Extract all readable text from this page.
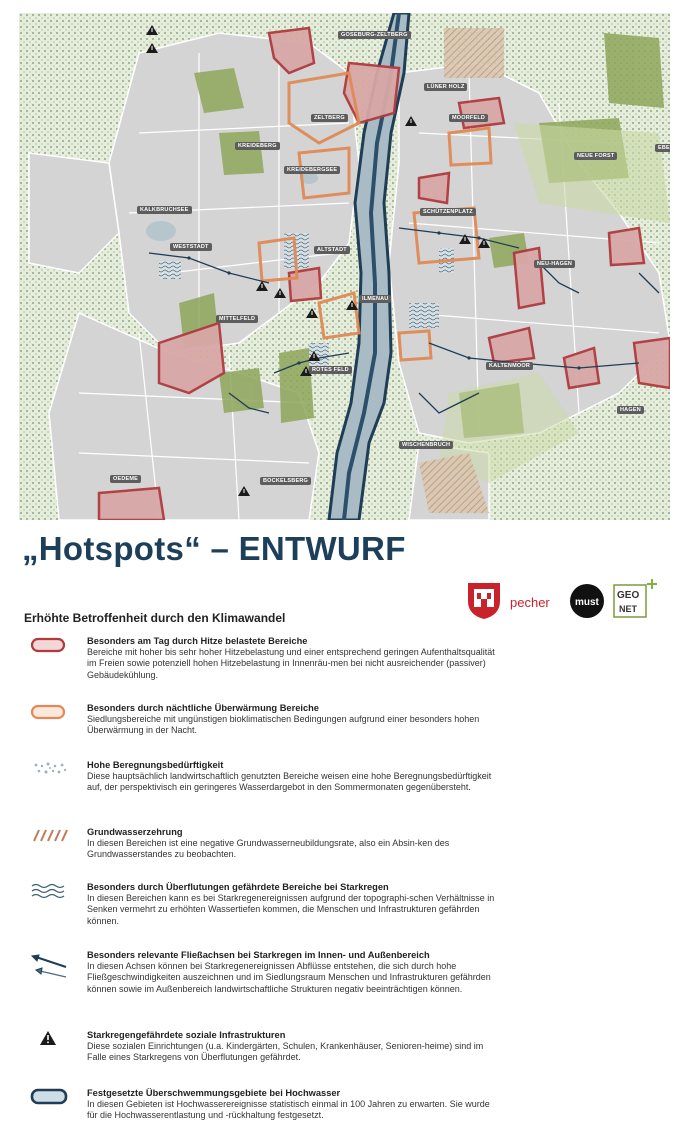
GOSEBURG-ZELTBERG
LÜNER HOLZ
ZELTBERG	MOORFELD
KREIDEBERG
KREIDEBERGSEE
NEUE FORST
EBE
KALKBRUCHSEE	SCHÜTZENPLATZ
WESTSTADT	ALTSTADT
NEU-HAGEN
ILMENAU
MITTELFELD
ROTES FELD
KALTENMOOR
HAGEN
WISCHENBRUCH
OEDEME	BOCKELSBERG
„Hotspots“ – ENTWURF
pecher	must
GEO
NET
Erhöhte Betroffenheit durch den Klimawandel
Besonders am Tag durch Hitze belastete Bereiche
Bereiche mit hoher bis sehr hoher Hitzebelastung und einer entsprechend geringen Aufenthaltsqualität im Freien sowie potenziell hohen Hitzebelastung in Innenräu-men bei nicht ausreichender (passiver) Gebäudekühlung.
Besonders durch nächtliche Überwärmung Bereiche
Siedlungsbereiche mit ungünstigen bioklimatischen Bedingungen aufgrund einer besonders hohen Überwärmung in der Nacht.
Hohe Beregnungsbedürftigkeit
Diese hauptsächlich landwirtschaftlich genutzten Bereiche weisen eine hohe Beregnungsbedürftigkeit auf, der perspektivisch ein geringeres Wasserdargebot in den Sommermonaten gegenübersteht.
Grundwasserzehrung
In diesen Bereichen ist eine negative Grundwasserneubildungsrate, also ein Absin-ken des Grundwasserstandes zu beobachten.
Besonders durch Überflutungen gefährdete Bereiche bei Starkregen
In diesen Bereichen kann es bei Starkregenereignissen aufgrund der topographi-schen Verhältnisse in Senken vermehrt zu erhöhten Wassertiefen kommen, die Menschen und Infrastrukturen gefährden können.
Besonders relevante Fließachsen bei Starkregen im Innen- und Außenbereich
In diesen Achsen können bei Starkregenereignissen Abflüsse entstehen, die sich durch hohe Fließgeschwindigkeiten auszeichnen und im Siedlungsraum Menschen und Infrastrukturen gefährden können sowie im Außenbereich landwirtschaftliche Strukturen negativ beeinträchtigen können.
Starkregengefährdete soziale Infrastrukturen
Diese sozialen Einrichtungen (u.a. Kindergärten, Schulen, Krankenhäuser, Senioren-heime) sind im Falle eines Starkregens von Überflutungen gefährdet.
Festgesetzte Überschwemmungsgebiete bei Hochwasser
In diesen Gebieten ist Hochwasserereignisse statistisch einmal in 100 Jahren zu erwarten. Sie wurde für die Hochwasserentlastung und -rückhaltung festgesetzt.
